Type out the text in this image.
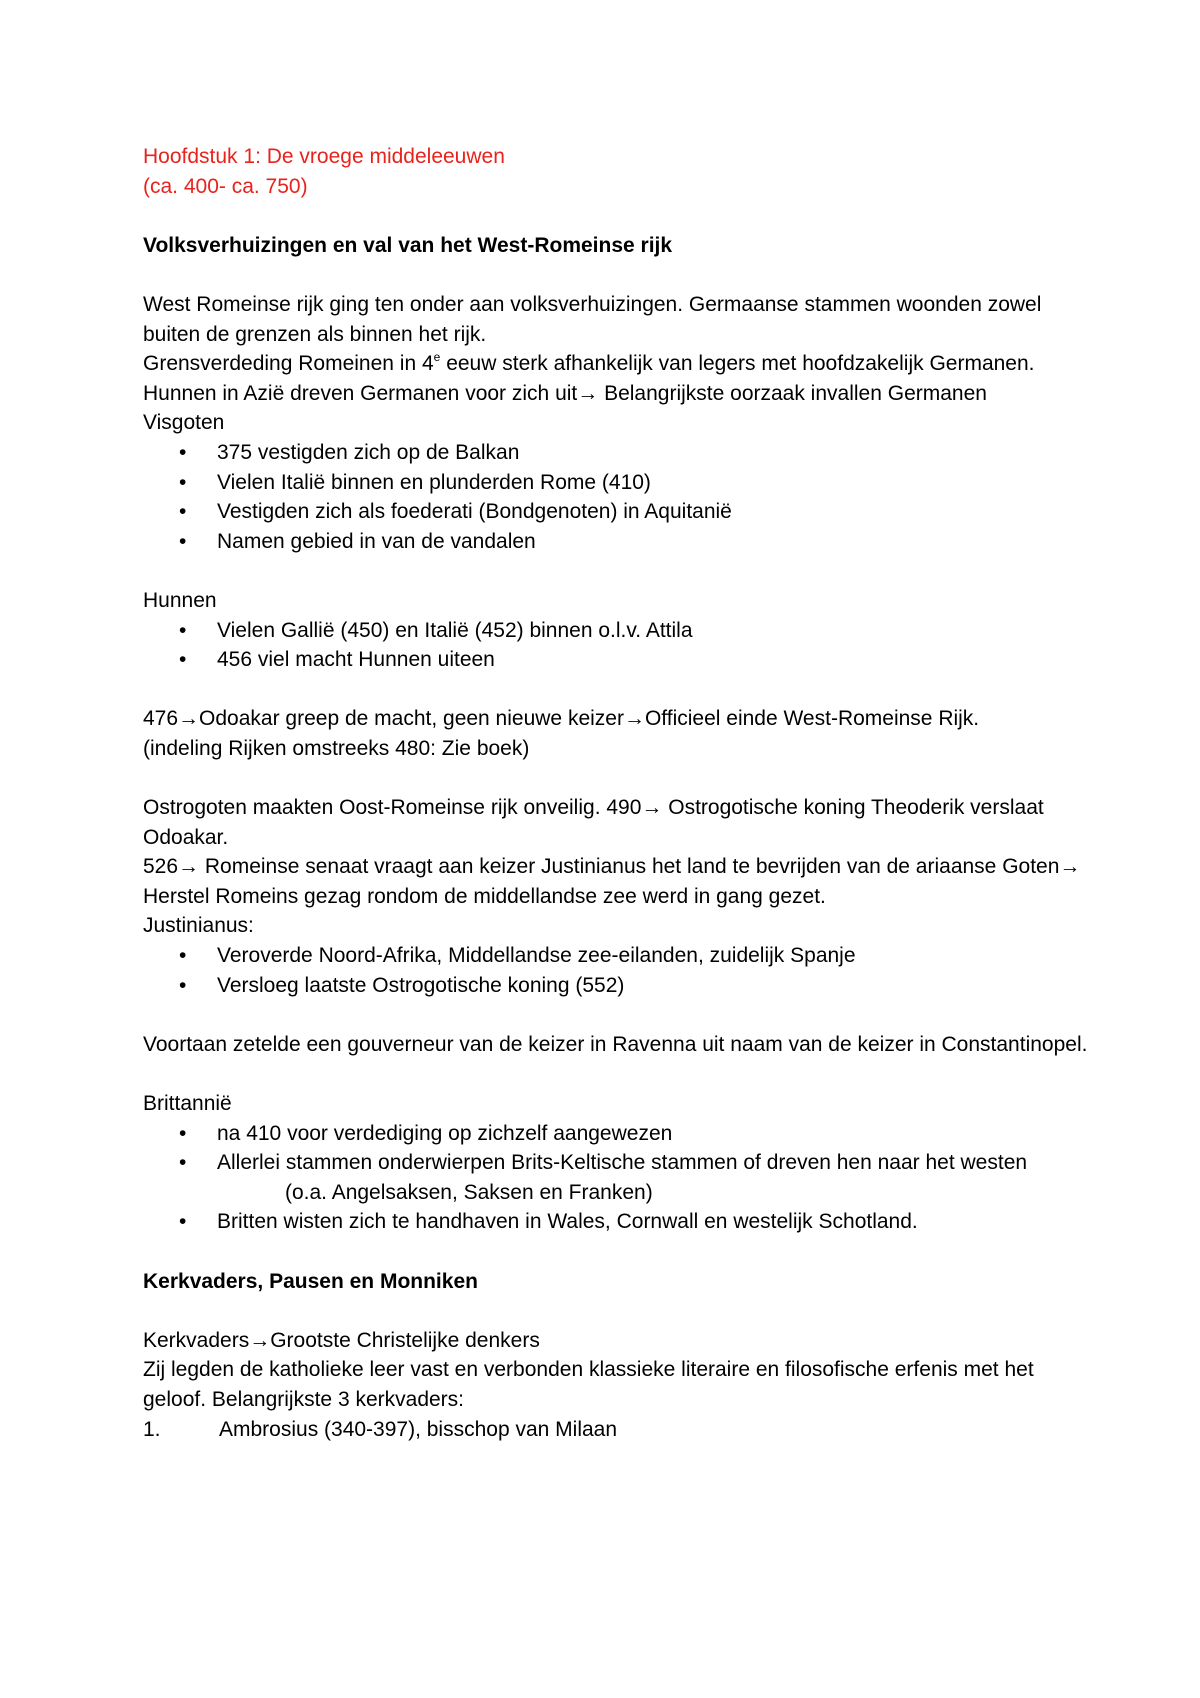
Hoofdstuk 1: De vroege middeleeuwen

(ca. 400- ca. 750)

Volksverhuizingen en val van het West-Romeinse rijk

West Romeinse rijk ging ten onder aan volksverhuizingen. Germaanse stammen woonden zowel buiten de grenzen als binnen het rijk.

Grensverdeding Romeinen in 4e eeuw sterk afhankelijk van legers met hoofdzakelijk Germanen.

Hunnen in Azië dreven Germanen voor zich uit→ Belangrijkste oorzaak invallen Germanen

Visgoten

• 375 vestigden zich op de Balkan
• Vielen Italië binnen en plunderden Rome (410)
• Vestigden zich als foederati (Bondgenoten) in Aquitanië
• Namen gebied in van de vandalen

Hunnen

• Vielen Gallië (450) en Italië (452) binnen o.l.v. Attila
• 456 viel macht Hunnen uiteen

476→Odoakar greep de macht, geen nieuwe keizer→Officieel einde West-Romeinse Rijk.

(indeling Rijken omstreeks 480: Zie boek)

Ostrogoten maakten Oost-Romeinse rijk onveilig. 490→ Ostrogotische koning Theoderik verslaat Odoakar.

526→ Romeinse senaat vraagt aan keizer Justinianus het land te bevrijden van de ariaanse Goten→ Herstel Romeins gezag rondom de middellandse zee werd in gang gezet.

Justinianus:

• Veroverde Noord-Afrika, Middellandse zee-eilanden, zuidelijk Spanje
• Versloeg laatste Ostrogotische koning (552)

Voortaan zetelde een gouverneur van de keizer in Ravenna uit naam van de keizer in Constantinopel.

Brittannië

• na 410 voor verdediging op zichzelf aangewezen
• Allerlei stammen onderwierpen Brits-Keltische stammen of dreven hen naar het westen

(o.a. Angelsaksen, Saksen en Franken)

• Britten wisten zich te handhaven in Wales, Cornwall en westelijk Schotland.

Kerkvaders, Pausen en Monniken

Kerkvaders→Grootste Christelijke denkers

Zij legden de katholieke leer vast en verbonden klassieke literaire en filosofische erfenis met het geloof. Belangrijkste 3 kerkvaders:

1.	Ambrosius (340-397), bisschop van Milaan
